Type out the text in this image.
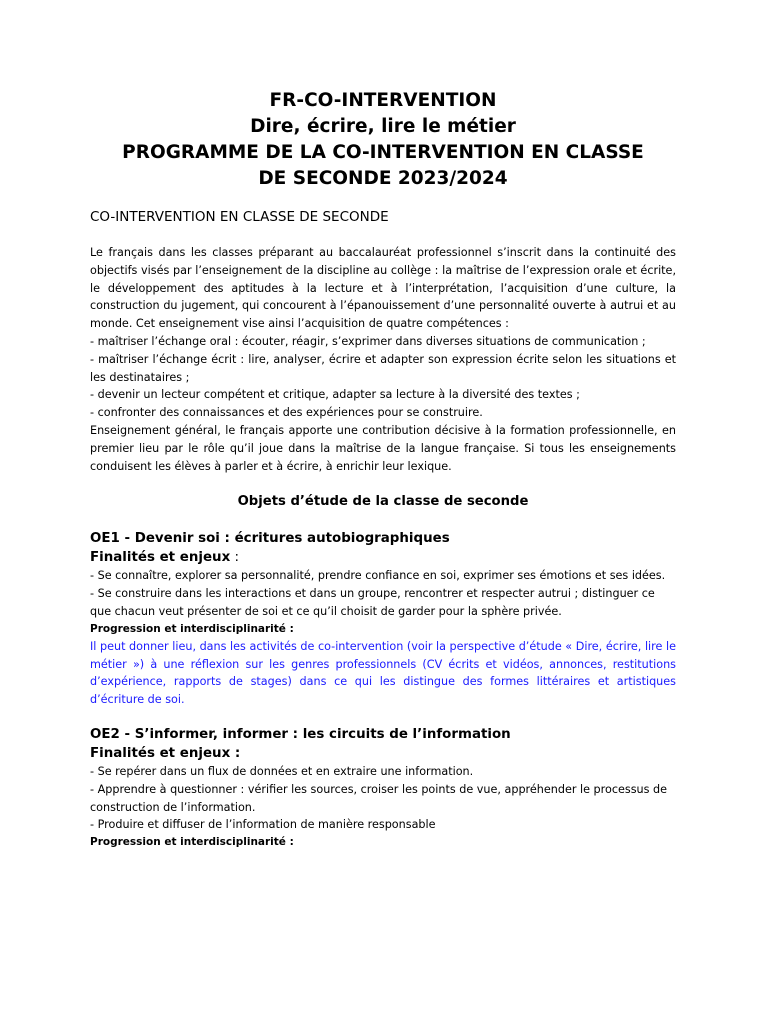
FR-CO-INTERVENTION
Dire, écrire, lire le métier
PROGRAMME DE LA CO-INTERVENTION EN CLASSE
DE SECONDE 2023/2024
CO-INTERVENTION EN CLASSE DE SECONDE

Le français dans les classes préparant au baccalauréat professionnel s’inscrit dans la continuité des objectifs visés par l’enseignement de la discipline au collège : la maîtrise de l’expression orale et écrite, le développement des aptitudes à la lecture et à l’interprétation, l’acquisition d’une culture, la construction du jugement, qui concourent à l’épanouissement d’une personnalité ouverte à autrui et au monde. Cet enseignement vise ainsi l’acquisition de quatre compétences :

- maîtriser l’échange oral : écouter, réagir, s’exprimer dans diverses situations de communication ;

- maîtriser l’échange écrit : lire, analyser, écrire et adapter son expression écrite selon les situations et les destinataires ;

- devenir un lecteur compétent et critique, adapter sa lecture à la diversité des textes ;

- confronter des connaissances et des expériences pour se construire.

Enseignement général, le français apporte une contribution décisive à la formation professionnelle, en premier lieu par le rôle qu’il joue dans la maîtrise de la langue française. Si tous les enseignements conduisent les élèves à parler et à écrire, à enrichir leur lexique.

Objets d’étude de la classe de seconde
OE1 - Devenir soi : écritures autobiographiques
Finalités et enjeux :

- Se connaître, explorer sa personnalité, prendre confiance en soi, exprimer ses émotions et ses idées.

- Se construire dans les interactions et dans un groupe, rencontrer et respecter autrui ; distinguer ce que chacun veut présenter de soi et ce qu’il choisit de garder pour la sphère privée.

Progression et interdisciplinarité :

Il peut donner lieu, dans les activités de co-intervention (voir la perspective d’étude « Dire, écrire, lire le métier ») à une réflexion sur les genres professionnels (CV écrits et vidéos, annonces, restitutions d’expérience, rapports de stages) dans ce qui les distingue des formes littéraires et artistiques d’écriture de soi.

OE2 - S’informer, informer : les circuits de l’information
Finalités et enjeux :

- Se repérer dans un flux de données et en extraire une information.

- Apprendre à questionner : vérifier les sources, croiser les points de vue, appréhender le processus de construction de l’information.

- Produire et diffuser de l’information de manière responsable

Progression et interdisciplinarité :
